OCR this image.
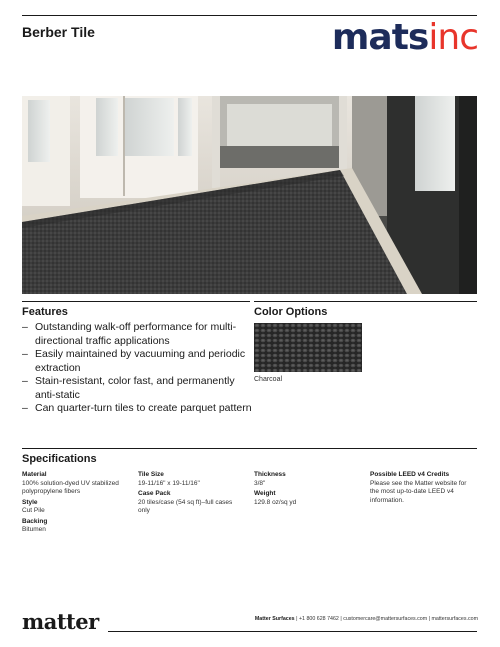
Berber Tile	matsinc
Features	Color Options
– Outstanding walk-off performance for multi-directional traffic applications
– Easily maintained by vacuuming and periodic extraction
– Stain-resistant, color fast, and permanently anti-static
– Can quarter-turn tiles to create parquet pattern
Charcoal
Specifications
Material
100% solution-dyed UV stabilized polypropylene fibers
Style
Cut Pile
Backing
Bitumen
Tile Size
19-11/16" x 19-11/16"
Case Pack
20 tiles/case (54 sq ft)–full cases only
Thickness
3/8"
Weight
129.8 oz/sq yd
Possible LEED v4 Credits
Please see the Matter website for the most up-to-date LEED v4 information.
matter	Matter Surfaces | +1 800 628 7462 | customercare@mattersurfaces.com | mattersurfaces.com
